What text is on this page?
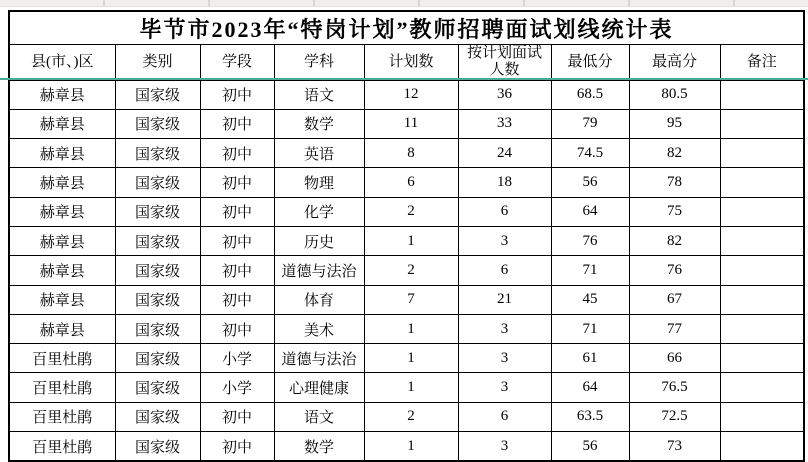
毕节市2023年“特岗计划”教师招聘面试划线统计表								
县(市、)区	类别	学段	学科	计划数	按计划面试人数	最低分	最高分	备注
赫章县	国家级	初中	语文	12	36	68.5	80.5	
赫章县	国家级	初中	数学	11	33	79	95	
赫章县	国家级	初中	英语	8	24	74.5	82	
赫章县	国家级	初中	物理	6	18	56	78	
赫章县	国家级	初中	化学	2	6	64	75	
赫章县	国家级	初中	历史	1	3	76	82	
赫章县	国家级	初中	道德与法治	2	6	71	76	
赫章县	国家级	初中	体育	7	21	45	67	
赫章县	国家级	初中	美术	1	3	71	77	
百里杜鹃	国家级	小学	道德与法治	1	3	61	66	
百里杜鹃	国家级	小学	心理健康	1	3	64	76.5	
百里杜鹃	国家级	初中	语文	2	6	63.5	72.5	
百里杜鹃	国家级	初中	数学	1	3	56	73	
